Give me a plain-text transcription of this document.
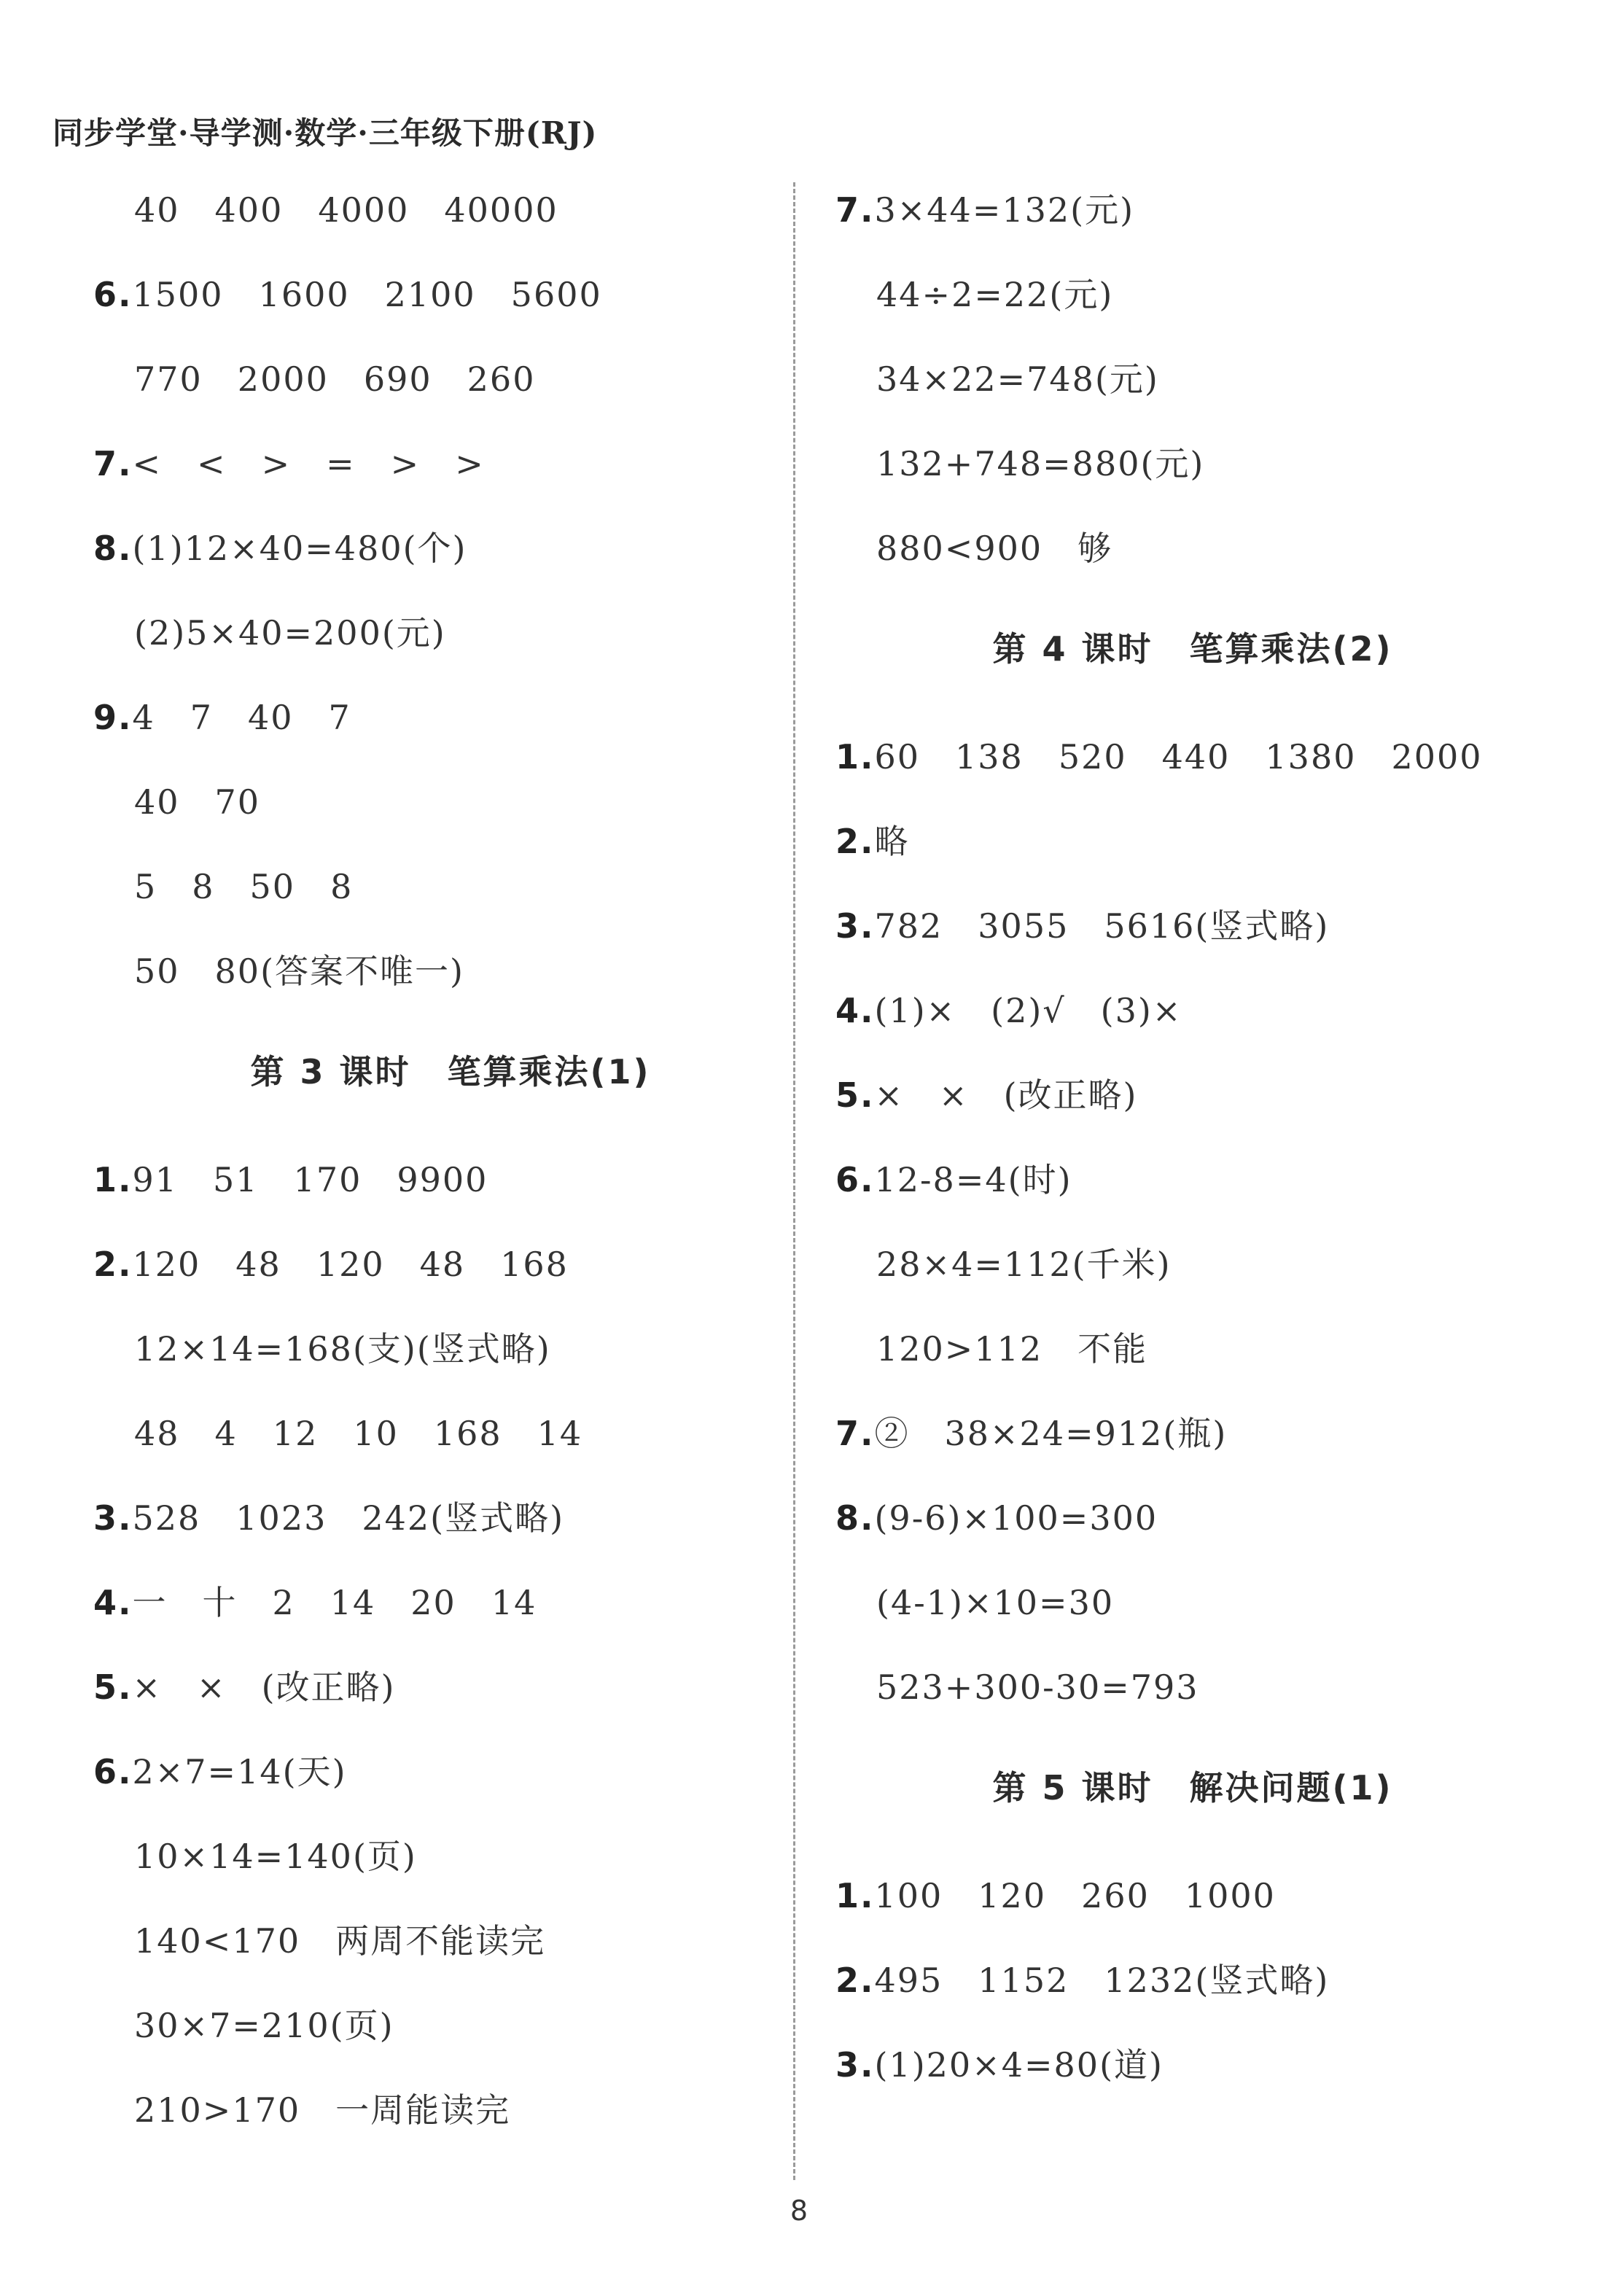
同步学堂·导学测·数学·三年级下册(RJ)
40　400　4000　40000
6.1500　1600　2100　5600
770　2000　690　260
7.<　<　>　=　>　>
8.(1)12×40=480(个)
(2)5×40=200(元)
9.4　7　40　7
40　70
5　8　50　8
50　80(答案不唯一)
第 3 课时 笔算乘法(1)
1.91　51　170　9900
2.120　48　120　48　168
12×14=168(支)(竖式略)
48　4　12　10　168　14
3.528　1023　242(竖式略)
4.一　十　2　14　20　14
5.×　×　(改正略)
6.2×7=14(天)
10×14=140(页)
140<170　两周不能读完
30×7=210(页)
210>170　一周能读完
7.3×44=132(元)
44÷2=22(元)
34×22=748(元)
132+748=880(元)
880<900　够
第 4 课时 笔算乘法(2)
1.60　138　520　440　1380　2000
2.略
3.782　3055　5616(竖式略)
4.(1)×　(2)√　(3)×
5.×　×　(改正略)
6.12-8=4(时)
28×4=112(千米)
120>112　不能
7.②　38×24=912(瓶)
8.(9-6)×100=300
(4-1)×10=30
523+300-30=793
第 5 课时 解决问题(1)
1.100　120　260　1000
2.495　1152　1232(竖式略)
3.(1)20×4=80(道)
8
